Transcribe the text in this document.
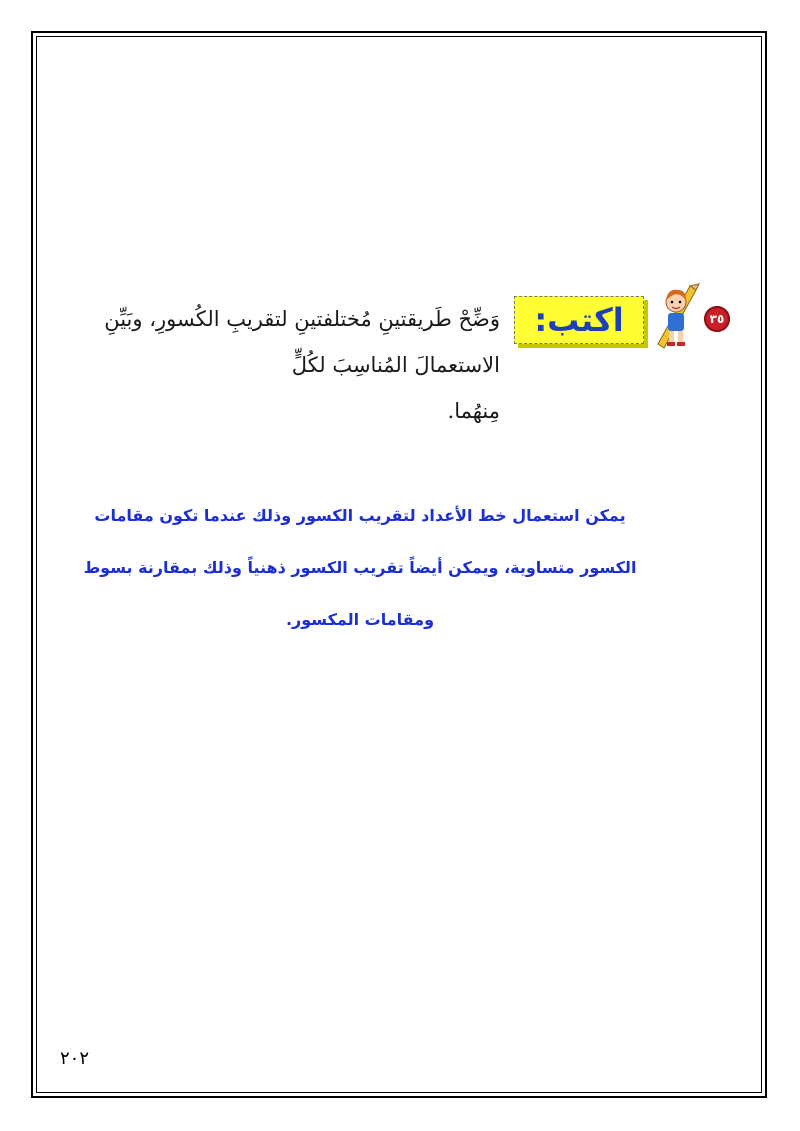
٣٥
اكتب:
وَضِّحْ طَريقتينِ مُختلفتينِ لتقريبِ الكُسورِ، وبَيِّنِ الاستعمالَ المُناسِبَ لكُلٍّ
مِنهُما.
يمكن استعمال خط الأعداد لتقريب الكسور وذلك عندما تكون مقامات
الكسور متساوية، ويمكن أيضاً تقريب الكسور ذهنياً وذلك بمقارنة بسوط
ومقامات المكسور.
٢٠٢
